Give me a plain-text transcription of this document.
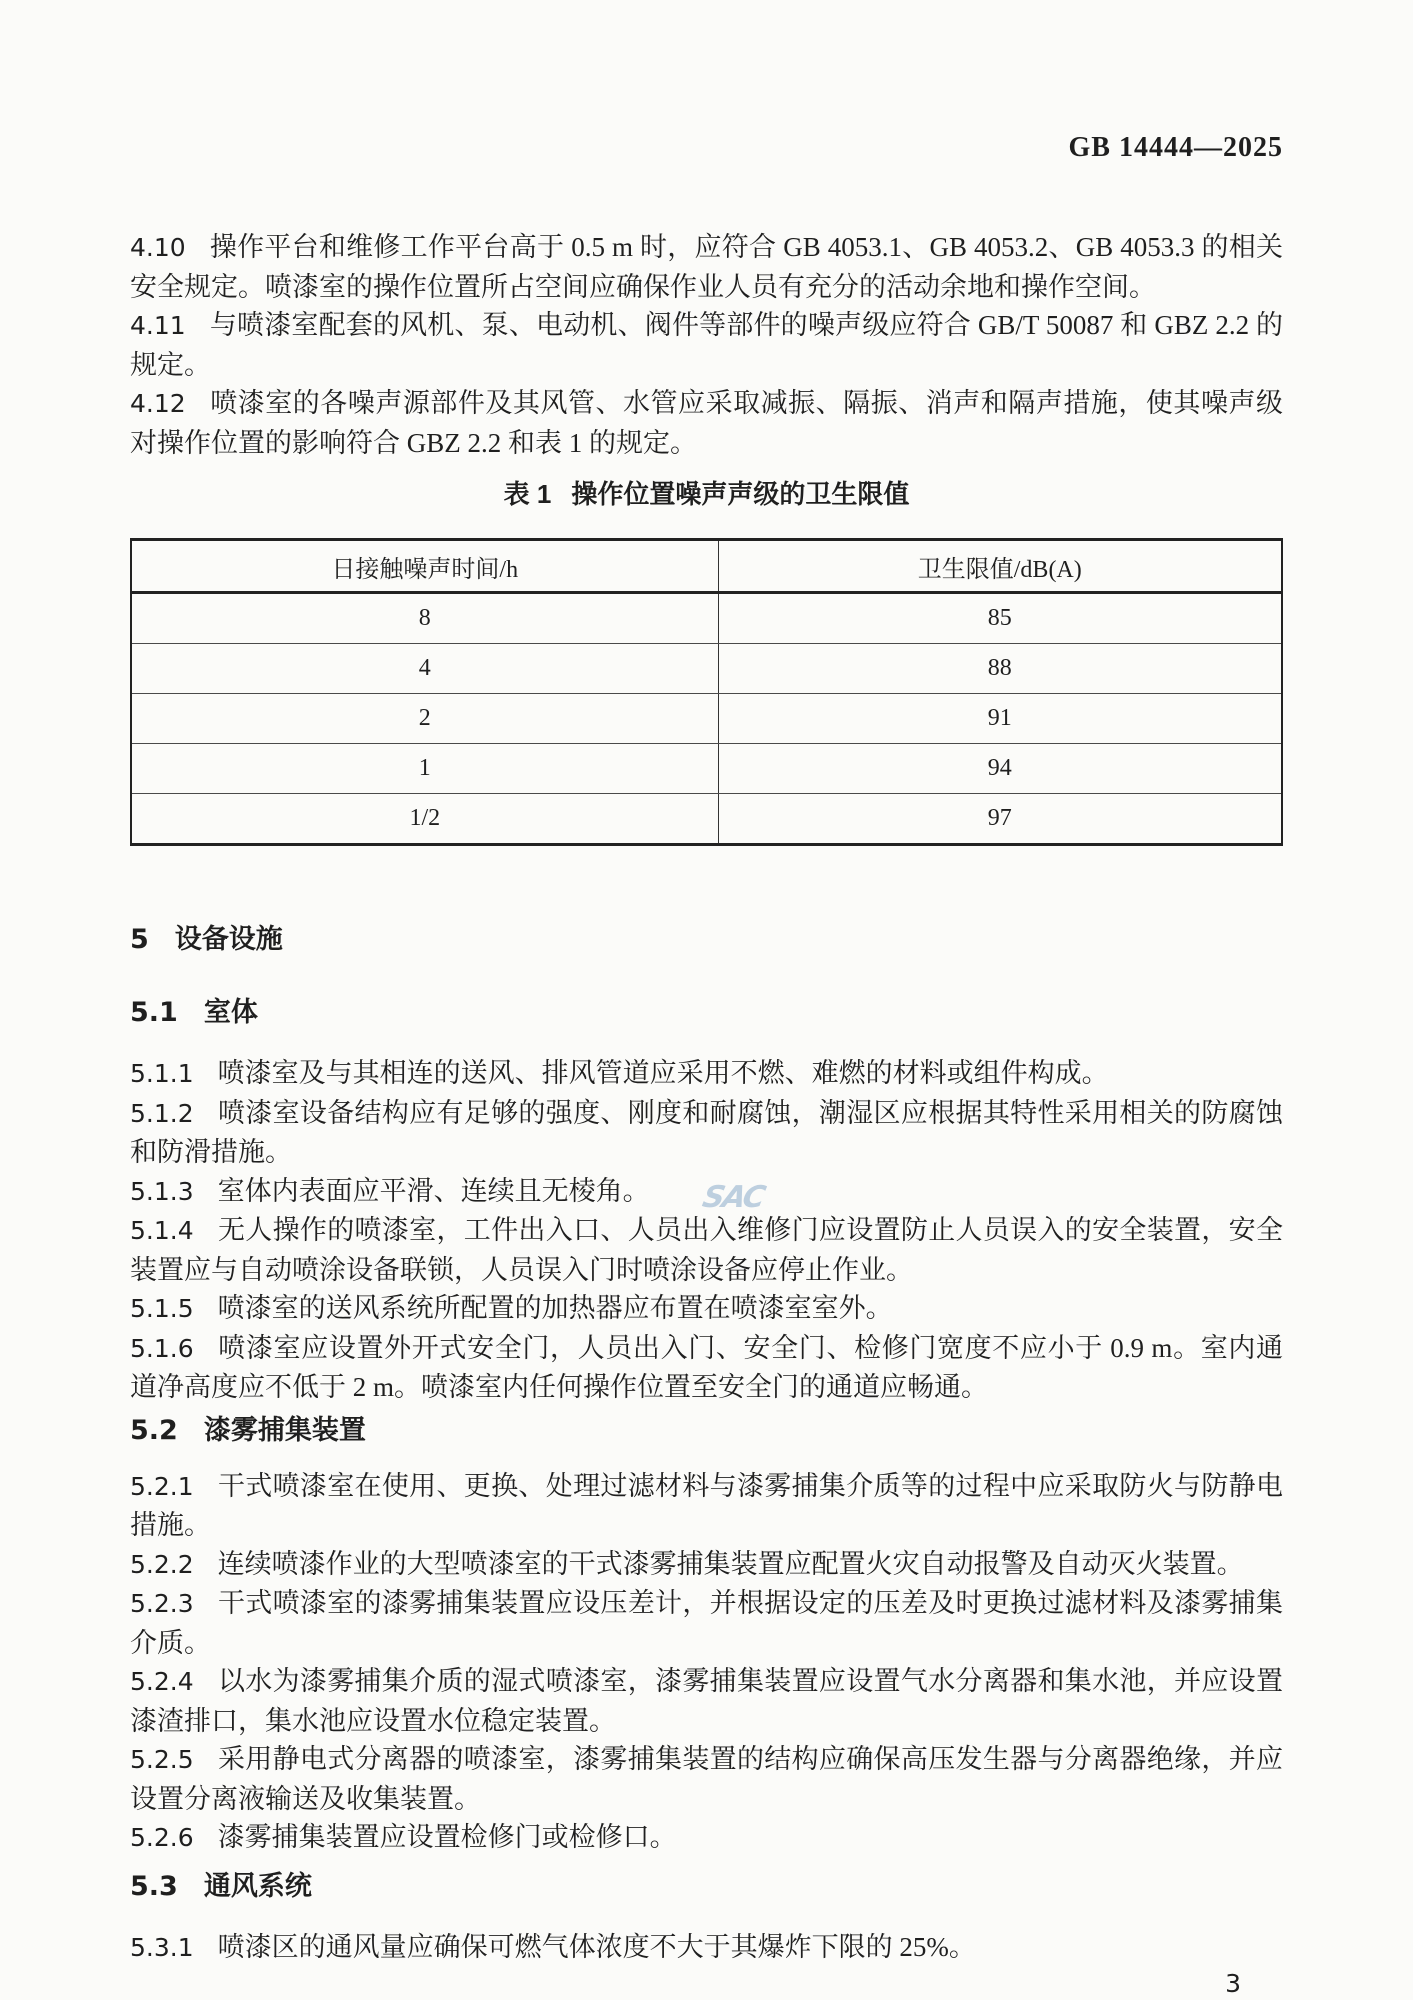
SAC
GB 14444—2025

4.10 操作平台和维修工作平台高于 0.5 m 时，应符合 GB 4053.1、GB 4053.2、GB 4053.3 的相关安全规定。喷漆室的操作位置所占空间应确保作业人员有充分的活动余地和操作空间。

4.11 与喷漆室配套的风机、泵、电动机、阀件等部件的噪声级应符合 GB/T 50087 和 GBZ 2.2 的规定。

4.12 喷漆室的各噪声源部件及其风管、水管应采取减振、隔振、消声和隔声措施，使其噪声级对操作位置的影响符合 GBZ 2.2 和表 1 的规定。

表 1 操作位置噪声声级的卫生限值
日接触噪声时间/h	卫生限值/dB(A)
8	85
4	88
2	91
1	94
1/2	97
5 设备设施
5.1 室体

5.1.1 喷漆室及与其相连的送风、排风管道应采用不燃、难燃的材料或组件构成。

5.1.2 喷漆室设备结构应有足够的强度、刚度和耐腐蚀，潮湿区应根据其特性采用相关的防腐蚀和防滑措施。

5.1.3 室体内表面应平滑、连续且无棱角。

5.1.4 无人操作的喷漆室，工件出入口、人员出入维修门应设置防止人员误入的安全装置，安全装置应与自动喷涂设备联锁，人员误入门时喷涂设备应停止作业。

5.1.5 喷漆室的送风系统所配置的加热器应布置在喷漆室室外。

5.1.6 喷漆室应设置外开式安全门，人员出入门、安全门、检修门宽度不应小于 0.9 m。室内通道净高度应不低于 2 m。喷漆室内任何操作位置至安全门的通道应畅通。

5.2 漆雾捕集装置

5.2.1 干式喷漆室在使用、更换、处理过滤材料与漆雾捕集介质等的过程中应采取防火与防静电措施。

5.2.2 连续喷漆作业的大型喷漆室的干式漆雾捕集装置应配置火灾自动报警及自动灭火装置。

5.2.3 干式喷漆室的漆雾捕集装置应设压差计，并根据设定的压差及时更换过滤材料及漆雾捕集介质。

5.2.4 以水为漆雾捕集介质的湿式喷漆室，漆雾捕集装置应设置气水分离器和集水池，并应设置漆渣排口，集水池应设置水位稳定装置。

5.2.5 采用静电式分离器的喷漆室，漆雾捕集装置的结构应确保高压发生器与分离器绝缘，并应设置分离液输送及收集装置。

5.2.6 漆雾捕集装置应设置检修门或检修口。

5.3 通风系统

5.3.1 喷漆区的通风量应确保可燃气体浓度不大于其爆炸下限的 25%。

3
